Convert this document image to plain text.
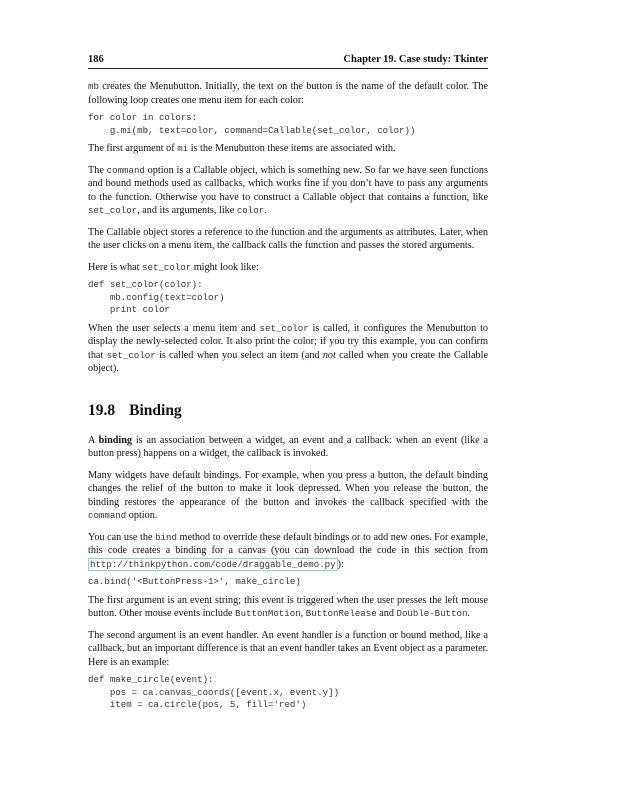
186	Chapter 19. Case study: Tkinter

mb creates the Menubutton. Initially, the text on the button is the name of the default color. The following loop creates one menu item for each color:

for color in colors:
g.mi(mb, text=color, command=Callable(set_color, color))

The first argument of mi is the Menubutton these items are associated with.

The command option is a Callable object, which is something new. So far we have seen functions and bound methods used as callbacks, which works fine if you don’t have to pass any arguments to the function. Otherwise you have to construct a Callable object that contains a function, like set_color, and its arguments, like color.

The Callable object stores a reference to the function and the arguments as attributes. Later, when the user clicks on a menu item, the callback calls the function and passes the stored arguments.

Here is what set_color might look like:

def set_color(color):
mb.config(text=color)
print color

When the user selects a menu item and set_color is called, it configures the Menubutton to display the newly-selected color. It also print the color; if you try this example, you can confirm that set_color is called when you select an item (and not called when you create the Callable object).

19.8 Binding

A binding is an association between a widget, an event and a callback: when an event (like a button press) happens on a widget, the callback is invoked.

Many widgets have default bindings. For example, when you press a button, the default binding changes the relief of the button to make it look depressed. When you release the button, the binding restores the appearance of the button and invokes the callback specified with the command option.

You can use the bind method to override these default bindings or to add new ones. For example, this code creates a binding for a canvas (you can download the code in this section from http://thinkpython.com/code/draggable_demo.py ):

ca.bind('<ButtonPress-1>', make_circle)

The first argument is an event string; this event is triggered when the user presses the left mouse button. Other mouse events include ButtonMotion, ButtonRelease and Double-Button.

The second argument is an event handler. An event handler is a function or bound method, like a callback, but an important difference is that an event handler takes an Event object as a parameter. Here is an example:

def make_circle(event):
pos = ca.canvas_coords([event.x, event.y])
item = ca.circle(pos, 5, fill='red')
